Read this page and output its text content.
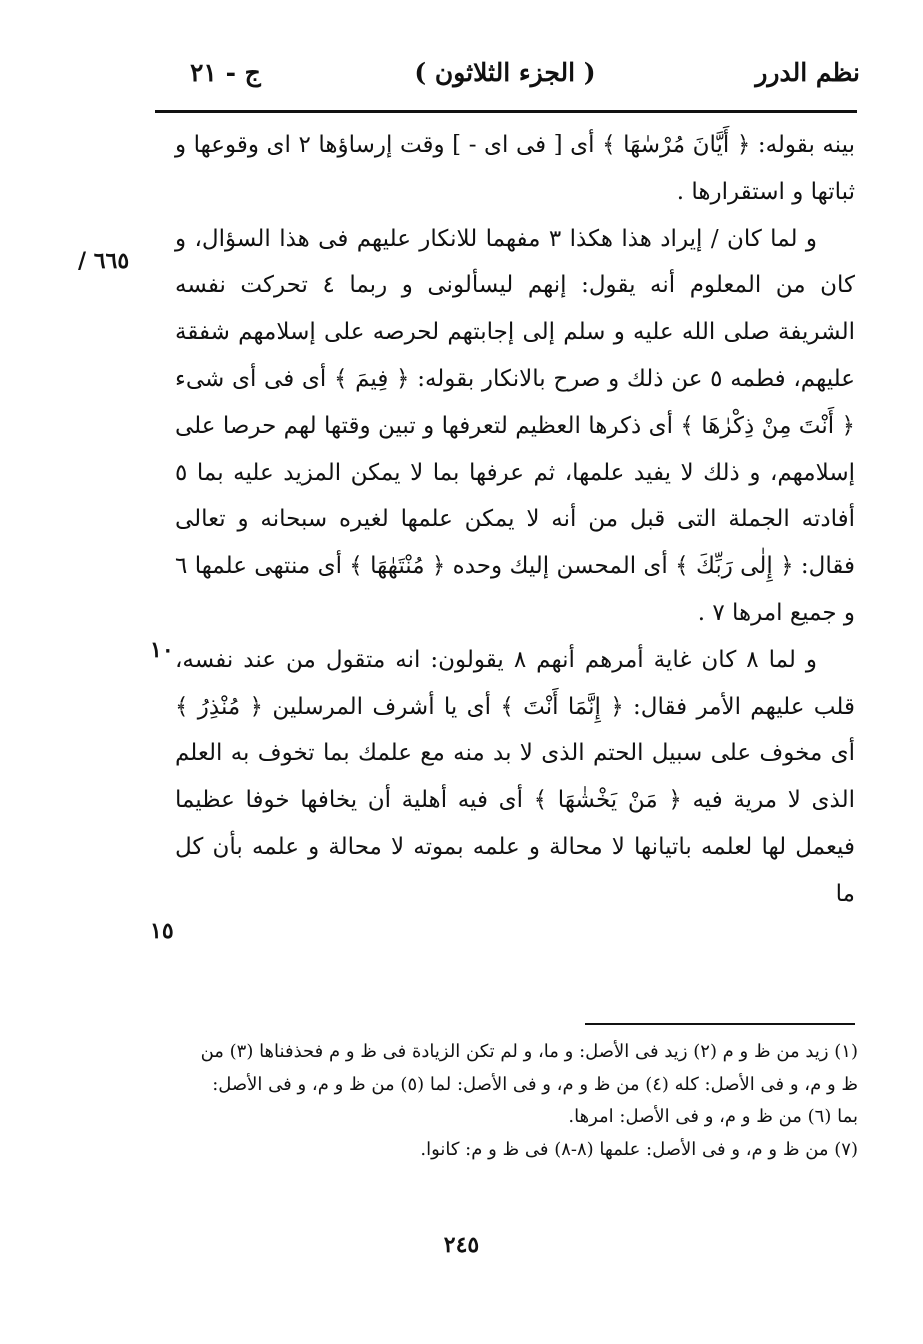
نظم الدرر
( الجزء الثلاثون )
ج - ٢١
/ ٦٦٥
١٠
١٥

بينه بقوله: ﴿ أَيَّانَ مُرْسٰهَا ﴾ أى [ فى اى - ] وقت إرساؤها ٢ اى وقوعها و ثباتها و استقرارها .

و لما كان / إيراد هذا هكذا ٣ مفهما للانكار عليهم فى هذا السؤال، و كان من المعلوم أنه يقول: إنهم ليسألونى و ربما ٤ تحركت نفسه الشريفة صلى الله عليه و سلم إلى إجابتهم لحرصه على إسلامهم شفقة عليهم، فطمه ٥ عن ذلك و صرح بالانكار بقوله: ﴿ فِيمَ ﴾ أى فى أى شىء ﴿ أَنْتَ مِنْ ذِكْرٰهَا ﴾ أى ذكرها العظيم لتعرفها و تبين وقتها لهم حرصا على إسلامهم، و ذلك لا يفيد علمها، ثم عرفها بما لا يمكن المزيد عليه بما ٥ أفادته الجملة التى قبل من أنه لا يمكن علمها لغيره سبحانه و تعالى فقال: ﴿ إِلٰى رَبِّكَ ﴾ أى المحسن إليك وحده ﴿ مُنْتَهٰهَا ﴾ أى منتهى علمها ٦ و جميع امرها ٧ .

و لما ٨ كان غاية أمرهم أنهم ٨ يقولون: انه متقول من عند نفسه، قلب عليهم الأمر فقال: ﴿ إِنَّمَا أَنْتَ ﴾ أى يا أشرف المرسلين ﴿ مُنْذِرُ ﴾ أى مخوف على سبيل الحتم الذى لا بد منه مع علمك بما تخوف به العلم الذى لا مرية فيه ﴿ مَنْ يَخْشٰهَا ﴾ أى فيه أهلية أن يخافها خوفا عظيما فيعمل لها لعلمه باتيانها لا محالة و علمه بموته لا محالة و علمه بأن كل ما

(١) زيد من ظ و م (٢) زيد فى الأصل: و ما، و لم تكن الزيادة فى ظ و م فحذفناها (٣) من ظ و م، و فى الأصل: كله (٤) من ظ و م، و فى الأصل: لما (٥) من ظ و م، و فى الأصل: بما (٦) من ظ و م، و فى الأصل: امرها.

(٧) من ظ و م، و فى الأصل: علمها (٨-٨) فى ظ و م: كانوا.

٢٤٥
